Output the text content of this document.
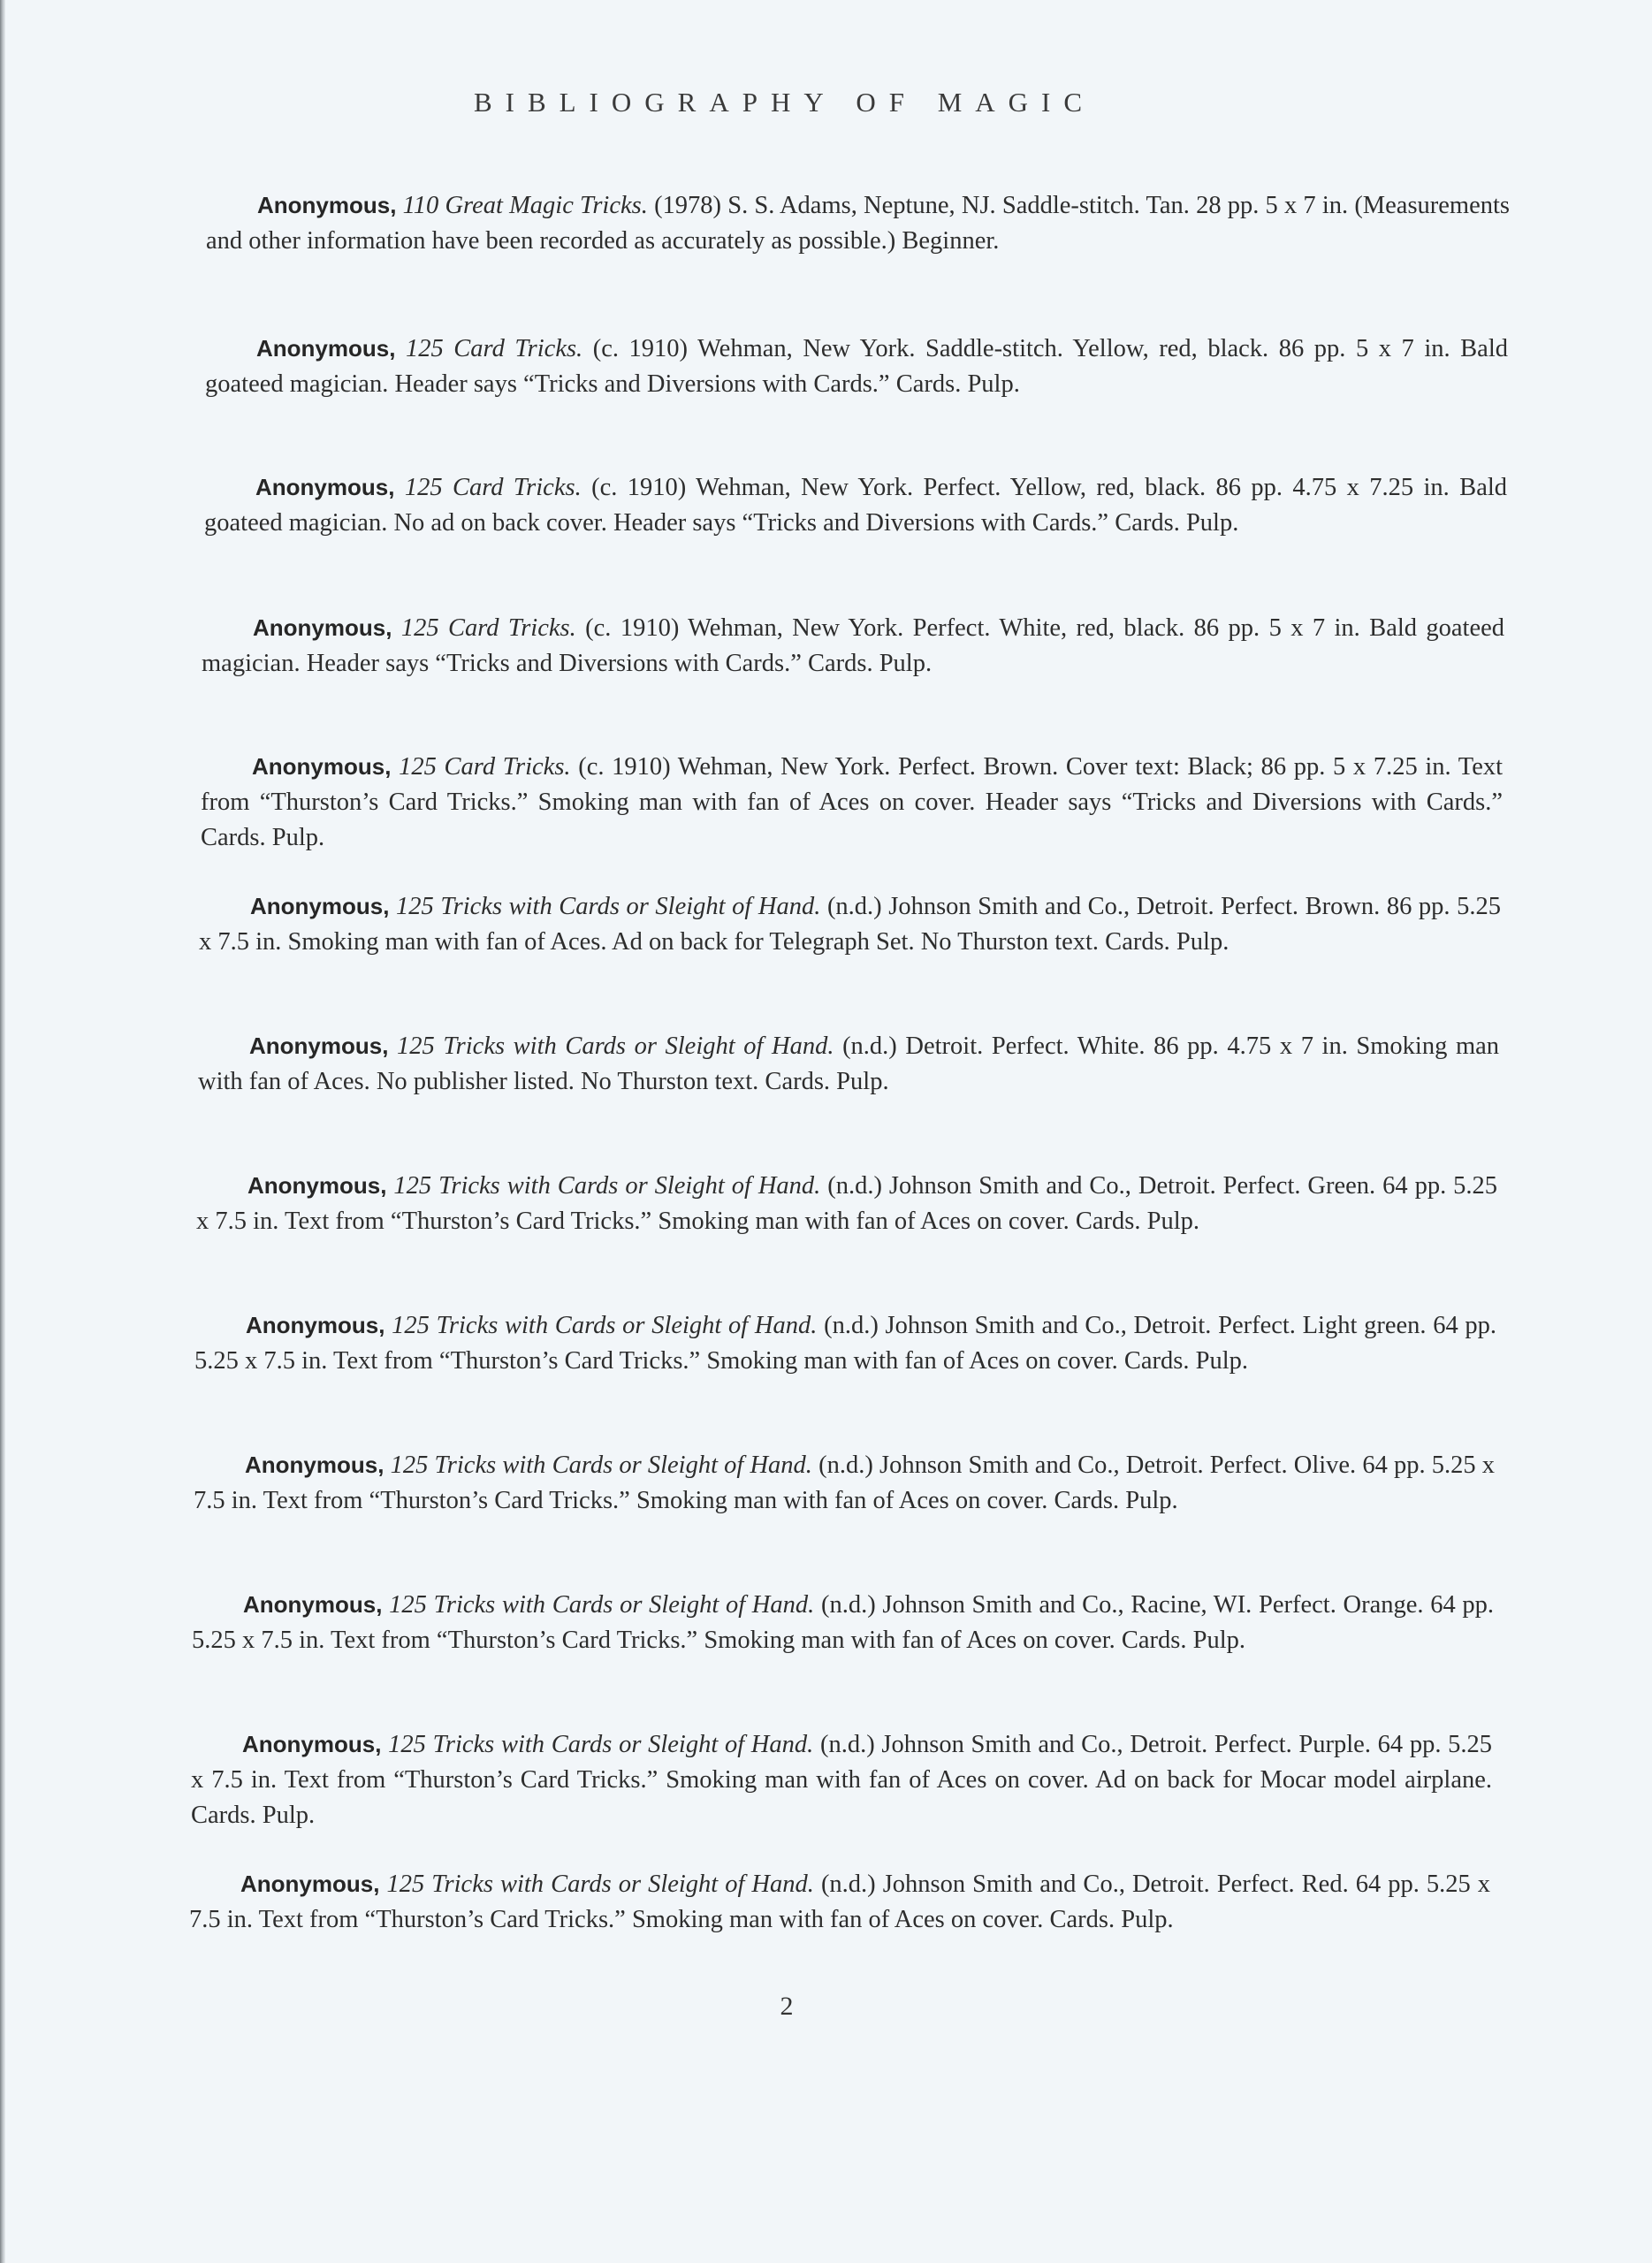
BIBLIOGRAPHY OF MAGIC
Anonymous, 110 Great Magic Tricks. (1978) S. S. Adams, Neptune, NJ. Saddle-stitch. Tan. 28 pp. 5 x 7 in. (Measurements and other information have been recorded as accurately as possible.) Beginner.
Anonymous, 125 Card Tricks. (c. 1910) Wehman, New York. Saddle-stitch. Yellow, red, black. 86 pp. 5 x 7 in. Bald goateed magician. Header says “Tricks and Diversions with Cards.” Cards. Pulp.
Anonymous, 125 Card Tricks. (c. 1910) Wehman, New York. Perfect. Yellow, red, black. 86 pp. 4.75 x 7.25 in. Bald goateed magician. No ad on back cover. Header says “Tricks and Diversions with Cards.” Cards. Pulp.
Anonymous, 125 Card Tricks. (c. 1910) Wehman, New York. Perfect. White, red, black. 86 pp. 5 x 7 in. Bald goateed magician. Header says “Tricks and Diversions with Cards.” Cards. Pulp.
Anonymous, 125 Card Tricks. (c. 1910) Wehman, New York. Perfect. Brown. Cover text: Black; 86 pp. 5 x 7.25 in. Text from “Thurston’s Card Tricks.” Smoking man with fan of Aces on cover. Header says “Tricks and Diversions with Cards.” Cards. Pulp.
Anonymous, 125 Tricks with Cards or Sleight of Hand. (n.d.) Johnson Smith and Co., Detroit. Perfect. Brown. 86 pp. 5.25 x 7.5 in. Smoking man with fan of Aces. Ad on back for Telegraph Set. No Thurston text. Cards. Pulp.
Anonymous, 125 Tricks with Cards or Sleight of Hand. (n.d.) Detroit. Perfect. White. 86 pp. 4.75 x 7 in. Smoking man with fan of Aces. No publisher listed. No Thurston text. Cards. Pulp.
Anonymous, 125 Tricks with Cards or Sleight of Hand. (n.d.) Johnson Smith and Co., Detroit. Perfect. Green. 64 pp. 5.25 x 7.5 in. Text from “Thurston’s Card Tricks.” Smoking man with fan of Aces on cover. Cards. Pulp.
Anonymous, 125 Tricks with Cards or Sleight of Hand. (n.d.) Johnson Smith and Co., Detroit. Perfect. Light green. 64 pp. 5.25 x 7.5 in. Text from “Thurston’s Card Tricks.” Smoking man with fan of Aces on cover. Cards. Pulp.
Anonymous, 125 Tricks with Cards or Sleight of Hand. (n.d.) Johnson Smith and Co., Detroit. Perfect. Olive. 64 pp. 5.25 x 7.5 in. Text from “Thurston’s Card Tricks.” Smoking man with fan of Aces on cover. Cards. Pulp.
Anonymous, 125 Tricks with Cards or Sleight of Hand. (n.d.) Johnson Smith and Co., Racine, WI. Perfect. Orange. 64 pp. 5.25 x 7.5 in. Text from “Thurston’s Card Tricks.” Smoking man with fan of Aces on cover. Cards. Pulp.
Anonymous, 125 Tricks with Cards or Sleight of Hand. (n.d.) Johnson Smith and Co., Detroit. Perfect. Purple. 64 pp. 5.25 x 7.5 in. Text from “Thurston’s Card Tricks.” Smoking man with fan of Aces on cover. Ad on back for Mocar model airplane. Cards. Pulp.
Anonymous, 125 Tricks with Cards or Sleight of Hand. (n.d.) Johnson Smith and Co., Detroit. Perfect. Red. 64 pp. 5.25 x 7.5 in. Text from “Thurston’s Card Tricks.” Smoking man with fan of Aces on cover. Cards. Pulp.
2
